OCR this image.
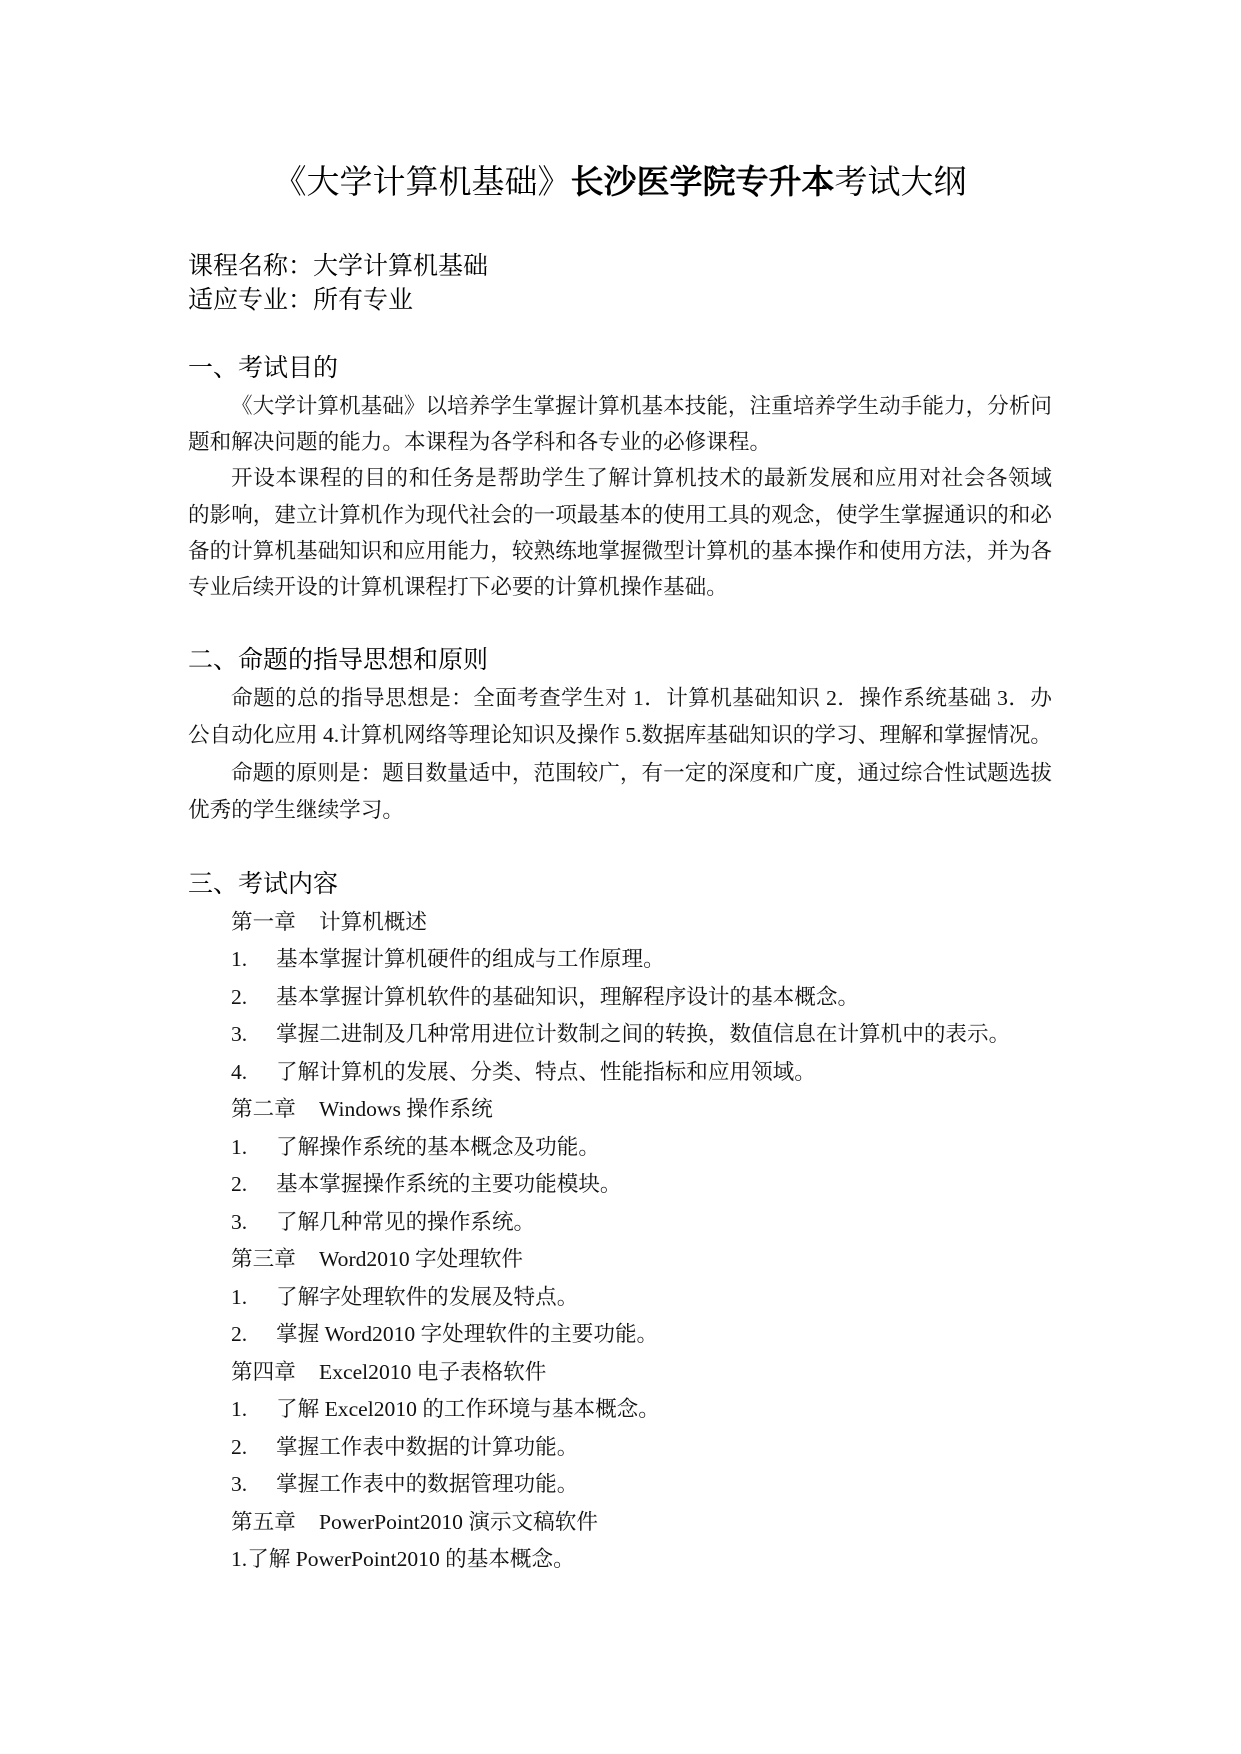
《大学计算机基础》长沙医学院专升本考试大纲
课程名称：大学计算机基础
适应专业：所有专业
一、考试目的
《大学计算机基础》以培养学生掌握计算机基本技能，注重培养学生动手能力，分析问
题和解决问题的能力。本课程为各学科和各专业的必修课程。
开设本课程的目的和任务是帮助学生了解计算机技术的最新发展和应用对社会各领域
的影响，建立计算机作为现代社会的一项最基本的使用工具的观念，使学生掌握通识的和必
备的计算机基础知识和应用能力，较熟练地掌握微型计算机的基本操作和使用方法，并为各
专业后续开设的计算机课程打下必要的计算机操作基础。
二、命题的指导思想和原则
命题的总的指导思想是：全面考查学生对 1．计算机基础知识 2．操作系统基础 3．办
公自动化应用 4.计算机网络等理论知识及操作 5.数据库基础知识的学习、理解和掌握情况。
命题的原则是：题目数量适中，范围较广，有一定的深度和广度，通过综合性试题选拔
优秀的学生继续学习。
三、考试内容
第一章 计算机概述
1. 基本掌握计算机硬件的组成与工作原理。
2. 基本掌握计算机软件的基础知识，理解程序设计的基本概念。
3. 掌握二进制及几种常用进位计数制之间的转换，数值信息在计算机中的表示。
4. 了解计算机的发展、分类、特点、性能指标和应用领域。
第二章 Windows 操作系统
1. 了解操作系统的基本概念及功能。
2. 基本掌握操作系统的主要功能模块。
3. 了解几种常见的操作系统。
第三章 Word2010 字处理软件
1. 了解字处理软件的发展及特点。
2. 掌握 Word2010 字处理软件的主要功能。
第四章 Excel2010 电子表格软件
1. 了解 Excel2010 的工作环境与基本概念。
2. 掌握工作表中数据的计算功能。
3. 掌握工作表中的数据管理功能。
第五章 PowerPoint2010 演示文稿软件
1.了解 PowerPoint2010 的基本概念。
